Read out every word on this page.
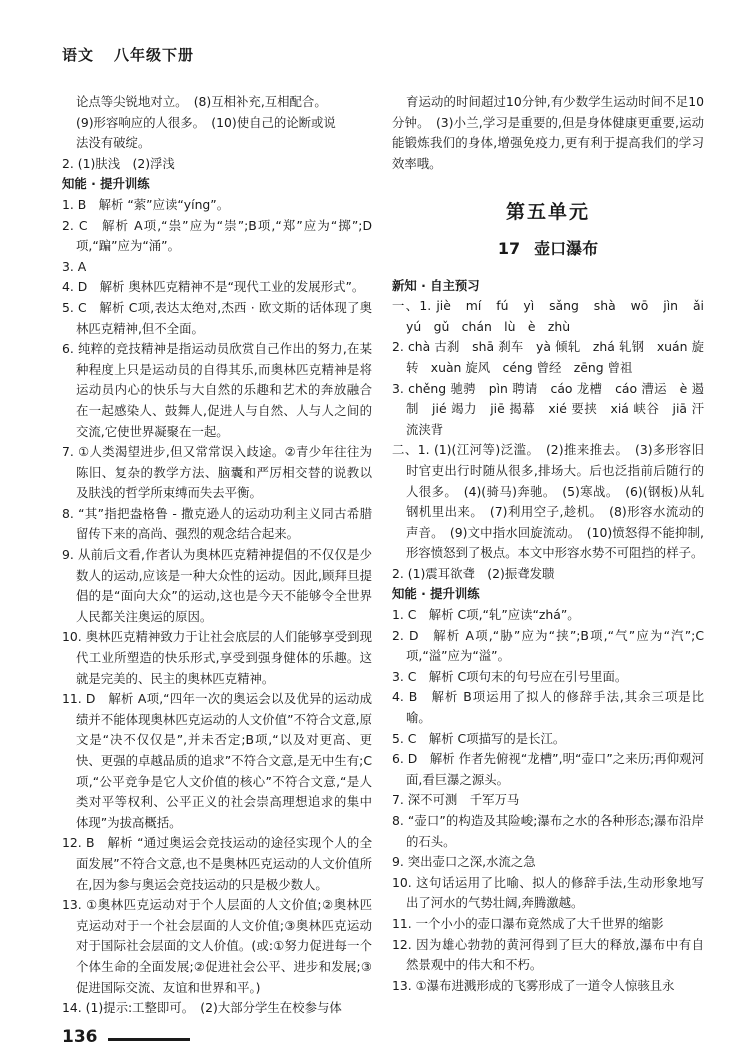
语文 八年级下册

论点等尖锐地对立。　(8)互相补充,互相配合。

(9)形容响应的人很多。　(10)使自己的论断或说

法没有破绽。

2. (1)肤浅　(2)浮浅

知能 · 提升训练

1. B　解析 “萦”应读“yíng”。

2. C　解析 A项,“祟”应为“崇”;B项,“郑”应为“掷”;D项,“蹁”应为“涌”。

3. A

4. D　解析 奥林匹克精神不是“现代工业的发展形式”。

5. C　解析 C项,表达太绝对,杰西 · 欧文斯的话体现了奥林匹克精神,但不全面。

6. 纯粹的竞技精神是指运动员欣赏自己作出的努力,在某种程度上只是运动员的自得其乐,而奥林匹克精神是将运动员内心的快乐与大自然的乐趣和艺术的奔放融合在一起感染人、鼓舞人,促进人与自然、人与人之间的交流,它使世界凝聚在一起。

7. ①人类渴望进步,但又常常误入歧途。②青少年往往为陈旧、复杂的教学方法、脑囊和严厉相交替的说教以及肤浅的哲学所束缚而失去平衡。

8. “其”指把盎格鲁 - 撒克逊人的运动功利主义同古希腊留传下来的高尚、强烈的观念结合起来。

9. 从前后文看,作者认为奥林匹克精神提倡的不仅仅是少数人的运动,应该是一种大众性的运动。因此,顾拜旦提倡的是“面向大众”的运动,这也是今天不能够令全世界人民都关注奥运的原因。

10. 奥林匹克精神致力于让社会底层的人们能够享受到现代工业所塑造的快乐形式,享受到强身健体的乐趣。这就是完美的、民主的奥林匹克精神。

11. D　解析 A项,“四年一次的奥运会以及优异的运动成绩并不能体现奥林匹克运动的人文价值”不符合文意,原文是“决不仅仅是”,并未否定;B项,“以及对更高、更快、更强的卓越品质的追求”不符合文意,是无中生有;C项,“公平竞争是它人文价值的核心”不符合文意,“是人类对平等权利、公平正义的社会崇高理想追求的集中体现”为拔高概括。

12. B　解析 “通过奥运会竞技运动的途径实现个人的全面发展”不符合文意,也不是奥林匹克运动的人文价值所在,因为参与奥运会竞技运动的只是极少数人。

13. ①奥林匹克运动对于个人层面的人文价值;②奥林匹克运动对于一个社会层面的人文价值;③奥林匹克运动对于国际社会层面的文人价值。(或:①努力促进每一个个体生命的全面发展;②促进社会公平、进步和发展;③促进国际交流、友谊和世界和平。)

14. (1)提示:工整即可。　(2)大部分学生在校参与体

育运动的时间超过10分钟,有少数学生运动时间不足10分钟。　(3)小兰,学习是重要的,但是身体健康更重要,运动能锻炼我们的身体,增强免疫力,更有利于提高我们的学习效率哦。

第五单元
17 壶口瀑布

新知 · 自主预习

一、1. jiè　mí　fú　yì　sǎng　shà　wō　jìn　ǎi　yú　gǔ　chán　lù　è　zhù

2. chà 古刹　shā 刹车　yà 倾轧　zhá 轧钢　xuán 旋转　xuàn 旋风　céng 曾经　zēng 曾祖

3. chěng 驰骋　pìn 聘请　cáo 龙槽　cáo 漕运　è 遏制　jié 竭力　jiē 揭幕　xié 要挟　xiá 峡谷　jiā 汗流浃背

二、1. (1)(江河等)泛滥。　(2)推来推去。　(3)多形容旧时官吏出行时随从很多,排场大。后也泛指前后随行的人很多。　(4)(骑马)奔驰。　(5)寒战。　(6)(钢板)从轧钢机里出来。　(7)利用空子,趁机。　(8)形容水流动的声音。　(9)文中指水回旋流动。　(10)愤怒得不能抑制,形容愤怒到了极点。本文中形容水势不可阻挡的样子。

2. (1)震耳欲聋　(2)振聋发聩

知能 · 提升训练

1. C　解析 C项,“轧”应读“zhá”。

2. D　解析 A项,“胁”应为“挟”;B项,“气”应为“汽”;C项,“溢”应为“溢”。

3. C　解析 C项句末的句号应在引号里面。

4. B　解析 B项运用了拟人的修辞手法,其余三项是比喻。

5. C　解析 C项描写的是长江。

6. D　解析 作者先俯视“龙槽”,明“壶口”之来历;再仰观河面,看巨瀑之源头。

7. 深不可测　千军万马

8. “壶口”的构造及其险峻;瀑布之水的各种形态;瀑布沿岸的石头。

9. 突出壶口之深,水流之急

10. 这句话运用了比喻、拟人的修辞手法,生动形象地写出了河水的气势壮阔,奔腾激越。

11. 一个小小的壶口瀑布竟然成了大千世界的缩影

12. 因为雄心勃勃的黄河得到了巨大的释放,瀑布中有自然景观中的伟大和不朽。

13. ①瀑布进溅形成的飞雾形成了一道令人惊骇且永

136
